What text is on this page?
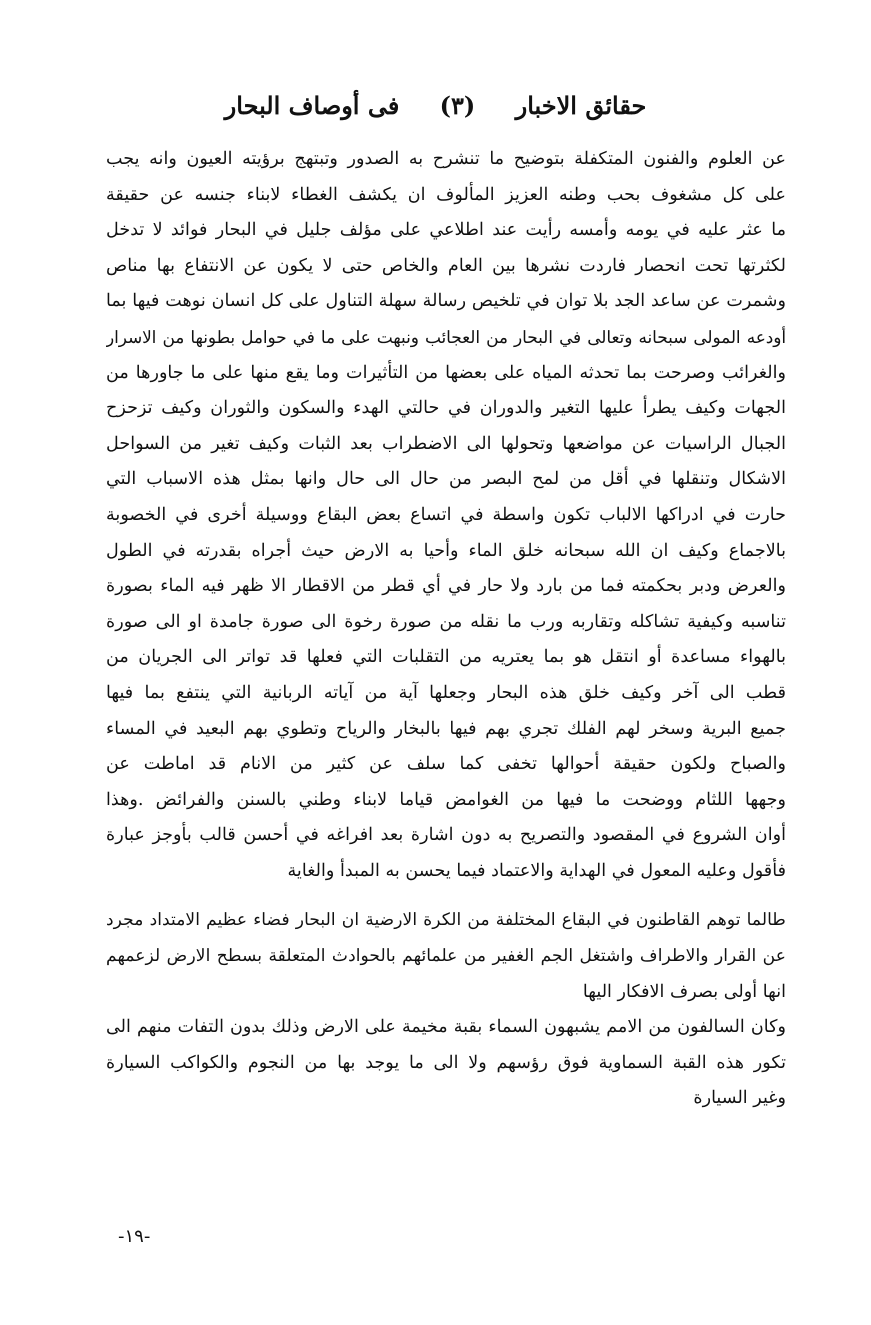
حقائق الاخبار (٣) فی أوصاف البحار
عن العلوم والفنون المتكفلة بتوضيح ما تنشرح به الصدور وتبتهج برؤيته العيون وانه يجب
على كل مشغوف بحب وطنه العزيز المألوف ان يكشف الغطاء لابناء جنسه عن حقيقة
ما عثر عليه في يومه وأمسه رأيت عند اطلاعي على مؤلف جليل في البحار فوائد لا تدخل
لكثرتها تحت انحصار فاردت نشرها بين العام والخاص حتى لا يكون عن الانتفاع بها مناص
وشمرت عن ساعد الجد بلا توان في تلخيص رسالة سهلة التناول على كل انسان نوهت فيها بما
أودعه المولى سبحانه وتعالى في البحار من العجائب ونبهت على ما في حوامل بطونها من الاسرار
والغرائب وصرحت بما تحدثه المياه على بعضها من التأثيرات وما يقع منها على ما جاورها من
الجهات وكيف يطرأ عليها التغير والدوران في حالتي الهدء والسكون والثوران وكيف تزحزح
الجبال الراسيات عن مواضعها وتحولها الى الاضطراب بعد الثبات وكيف تغير من السواحل
الاشكال وتنقلها في أقل من لمح البصر من حال الى حال وانها بمثل هذه الاسباب التي
حارت في ادراكها الالباب تكون واسطة في اتساع بعض البقاع ووسيلة أخرى في الخصوبة
بالاجماع وكيف ان الله سبحانه خلق الماء وأحيا به الارض حيث أجراه بقدرته في الطول
والعرض ودبر بحكمته فما من بارد ولا حار في أي قطر من الاقطار الا ظهر فيه الماء بصورة
تناسبه وكيفية تشاكله وتقاربه ورب ما نقله من صورة رخوة الى صورة جامدة او الى صورة
بالهواء مساعدة أو انتقل هو بما يعتريه من التقلبات التي فعلها قد تواتر الى الجريان من
قطب الى آخر وكيف خلق هذه البحار وجعلها آية من آياته الربانية التي ينتفع بما فيها
جميع البرية وسخر لهم الفلك تجري بهم فيها بالبخار والرياح وتطوي بهم البعيد في المساء
والصباح ولكون حقيقة أحوالها تخفى كما سلف عن كثير من الانام قد اماطت عن
وجهها اللثام ووضحت ما فيها من الغوامض قياما لابناء وطني بالسنن والفرائض .وهذا
أوان الشروع في المقصود والتصريح به دون اشارة بعد افراغه في أحسن قالب بأوجز عبارة
فأقول وعليه المعول في الهداية والاعتماد فيما يحسن به المبدأ والغاية
طالما توهم القاطنون في البقاع المختلفة من الكرة الارضية ان البحار فضاء عظيم الامتداد مجرد
عن القرار والاطراف واشتغل الجم الغفير من علمائهم بالحوادث المتعلقة بسطح الارض لزعمهم
انها أولى بصرف الافكار اليها
وكان السالفون من الامم يشبهون السماء بقبة مخيمة على الارض وذلك بدون التفات منهم الى
تكور هذه القبة السماوية فوق رؤسهم ولا الى ما يوجد بها من النجوم والكواكب السيارة
وغير السيارة
-١٩-
